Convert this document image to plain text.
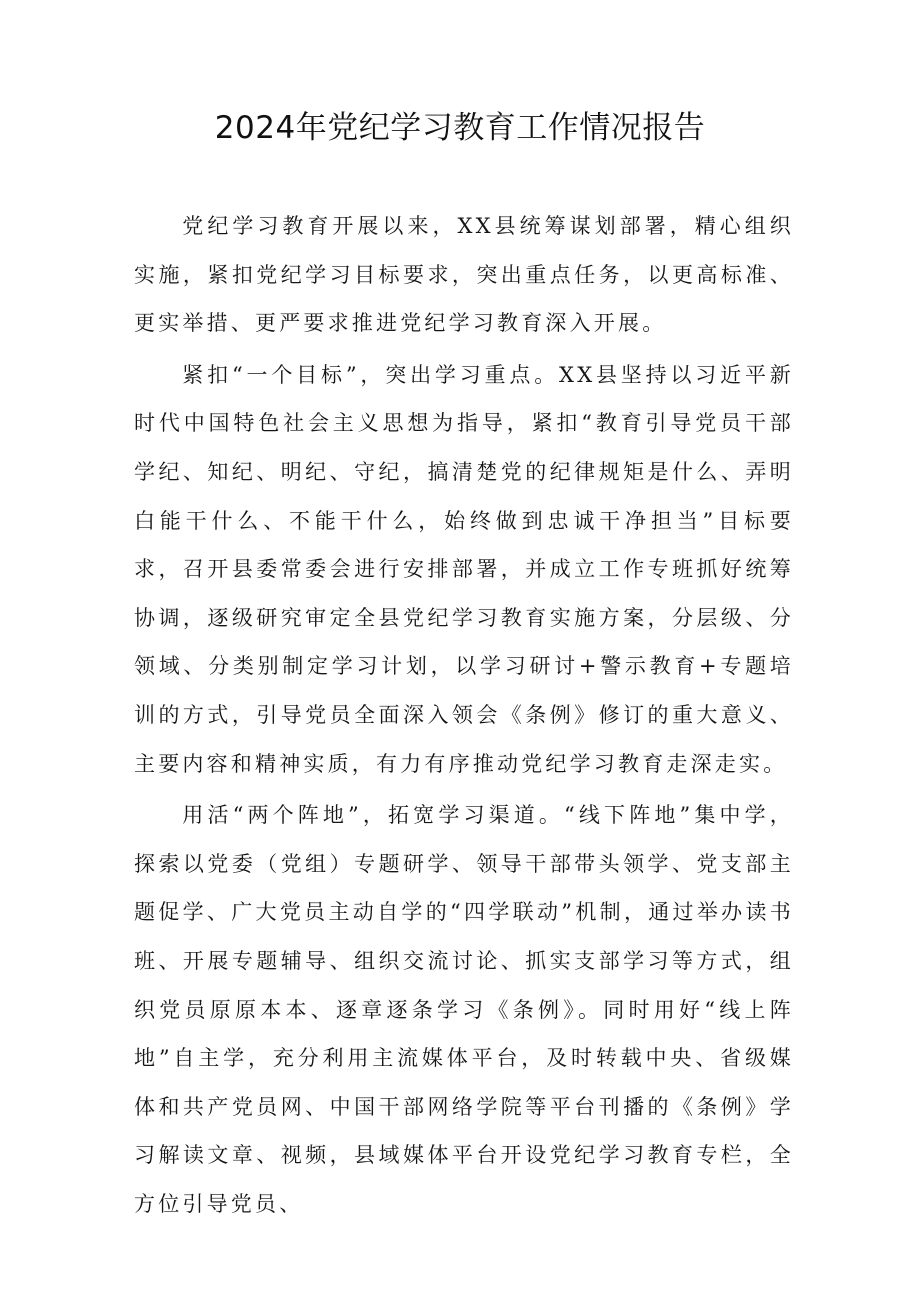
2024年党纪学习教育工作情况报告

党纪学习教育开展以来，XX县统筹谋划部署，精心组织实施，紧扣党纪学习目标要求，突出重点任务，以更高标准、更实举措、更严要求推进党纪学习教育深入开展。

紧扣“一个目标”，突出学习重点。XX县坚持以习近平新时代中国特色社会主义思想为指导，紧扣“教育引导党员干部学纪、知纪、明纪、守纪，搞清楚党的纪律规矩是什么、弄明白能干什么、不能干什么，始终做到忠诚干净担当”目标要求，召开县委常委会进行安排部署，并成立工作专班抓好统筹协调，逐级研究审定全县党纪学习教育实施方案，分层级、分领域、分类别制定学习计划，以学习研讨+警示教育+专题培训的方式，引导党员全面深入领会《条例》修订的重大意义、主要内容和精神实质，有力有序推动党纪学习教育走深走实。

用活“两个阵地”，拓宽学习渠道。“线下阵地”集中学，探索以党委（党组）专题研学、领导干部带头领学、党支部主题促学、广大党员主动自学的“四学联动”机制，通过举办读书班、开展专题辅导、组织交流讨论、抓实支部学习等方式，组织党员原原本本、逐章逐条学习《条例》。同时用好“线上阵地”自主学，充分利用主流媒体平台，及时转载中央、省级媒体和共产党员网、中国干部网络学院等平台刊播的《条例》学习解读文章、视频，县域媒体平台开设党纪学习教育专栏，全方位引导党员、
